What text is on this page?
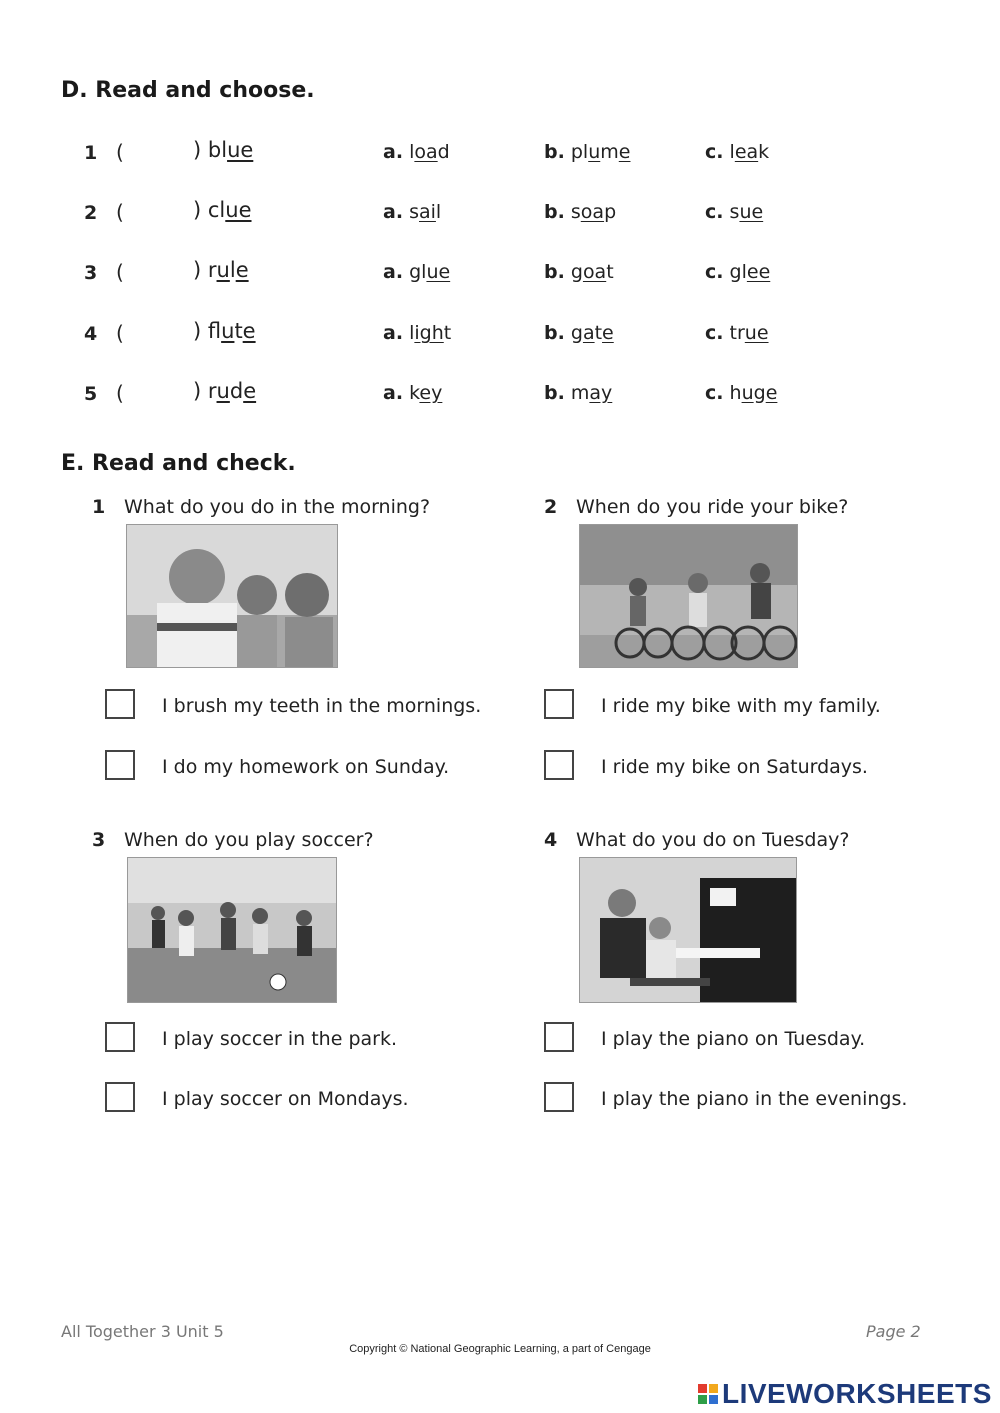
D. Read and choose.
1 (	) blue	a. load	b. plume	c. leak
2 (	) clue	a. sail	b. soap	c. sue
3 (	) rule	a. glue	b. goat	c. glee
4 (	) flute	a. light	b. gate	c. true
5 (	) rude	a. key	b. may	c. huge
E. Read and check.
1 What do you do in the morning?
I brush my teeth in the mornings.
I do my homework on Sunday.
2 When do you ride your bike?
I ride my bike with my family.
I ride my bike on Saturdays.
3 When do you play soccer?
I play soccer in the park.
I play soccer on Mondays.
4 What do you do on Tuesday?
I play the piano on Tuesday.
I play the piano in the evenings.
All Together 3 Unit 5	Page 2
Copyright © National Geographic Learning, a part of Cengage
LIVEWORKSHEETS
